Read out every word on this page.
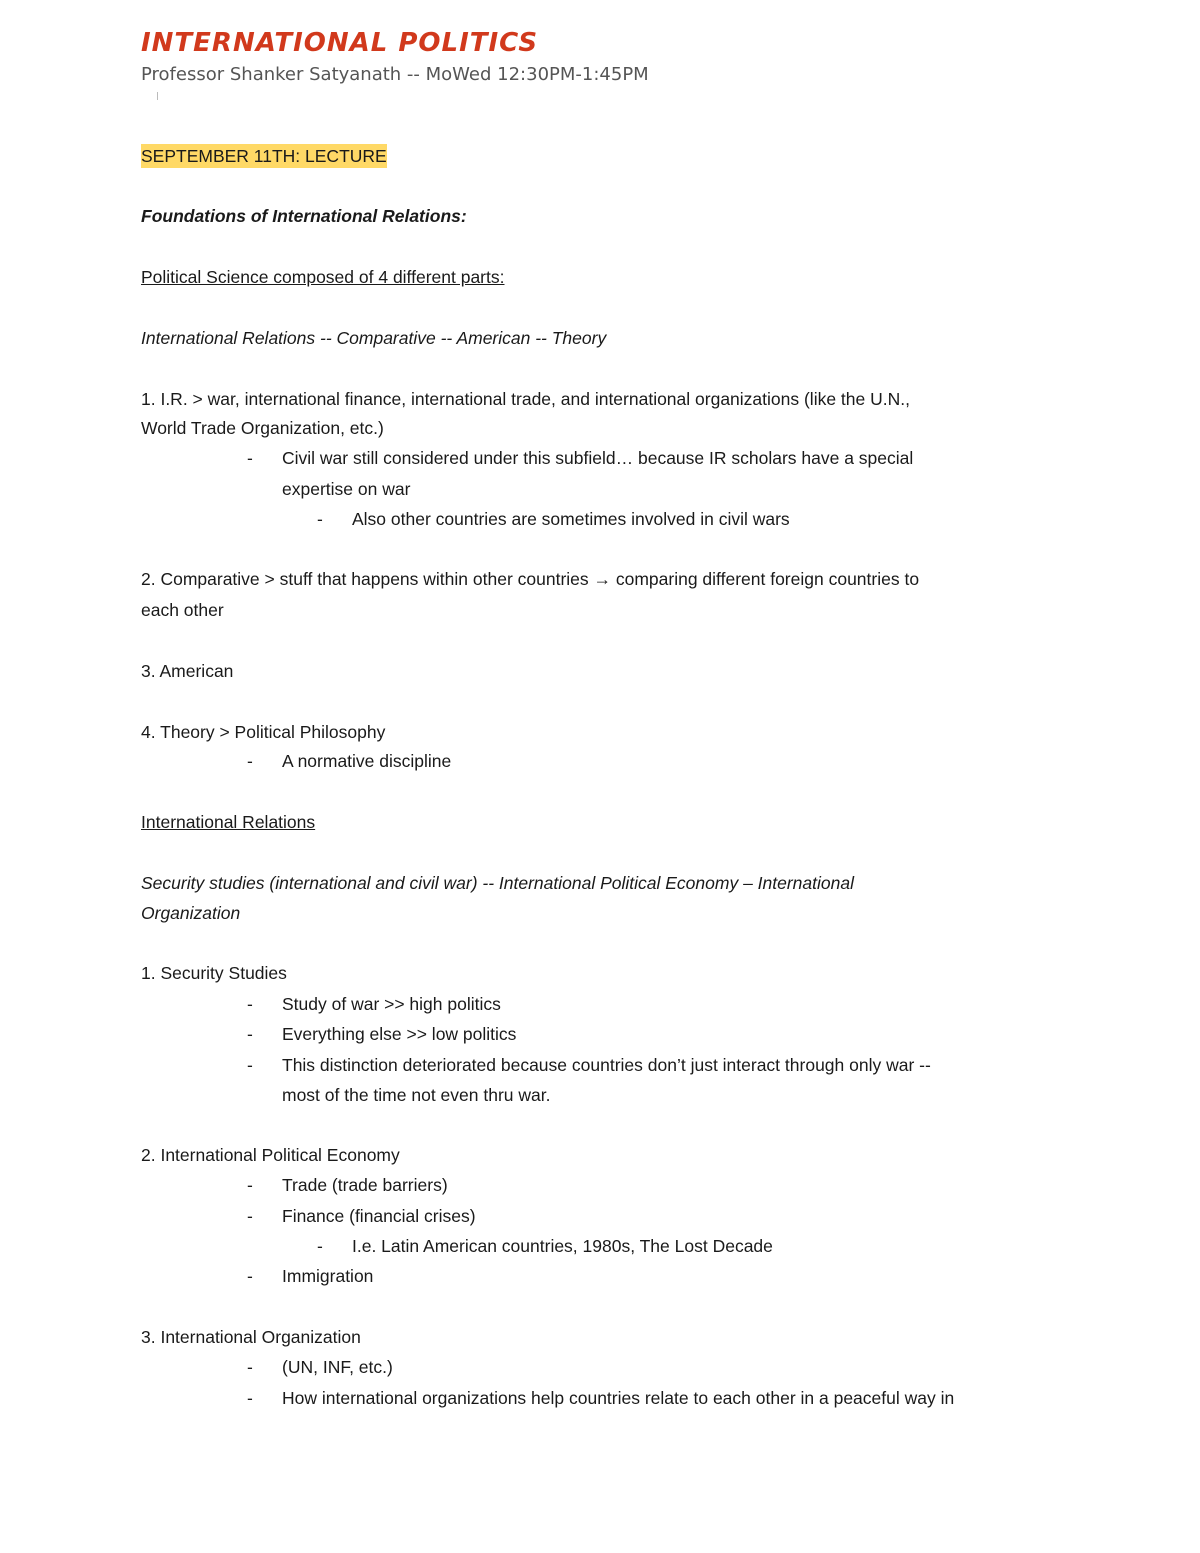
INTERNATIONAL POLITICS
Professor Shanker Satyanath -- MoWed 12:30PM-1:45PM
SEPTEMBER 11TH: LECTURE
Foundations of International Relations:
Political Science composed of 4 different parts:
International Relations -- Comparative -- American -- Theory
1. I.R. > war, international finance, international trade, and international organizations (like the U.N.,
World Trade Organization, etc.)
- Civil war still considered under this subfield… because IR scholars have a special
expertise on war
- Also other countries are sometimes involved in civil wars
2. Comparative > stuff that happens within other countries → comparing different foreign countries to
each other
3. American
4. Theory > Political Philosophy
- A normative discipline
International Relations
Security studies (international and civil war) -- International Political Economy – International
Organization
1. Security Studies
- Study of war >> high politics
- Everything else >> low politics
- This distinction deteriorated because countries don’t just interact through only war --
most of the time not even thru war.
2. International Political Economy
- Trade (trade barriers)
- Finance (financial crises)
- I.e. Latin American countries, 1980s, The Lost Decade
- Immigration
3. International Organization
- (UN, INF, etc.)
- How international organizations help countries relate to each other in a peaceful way in
